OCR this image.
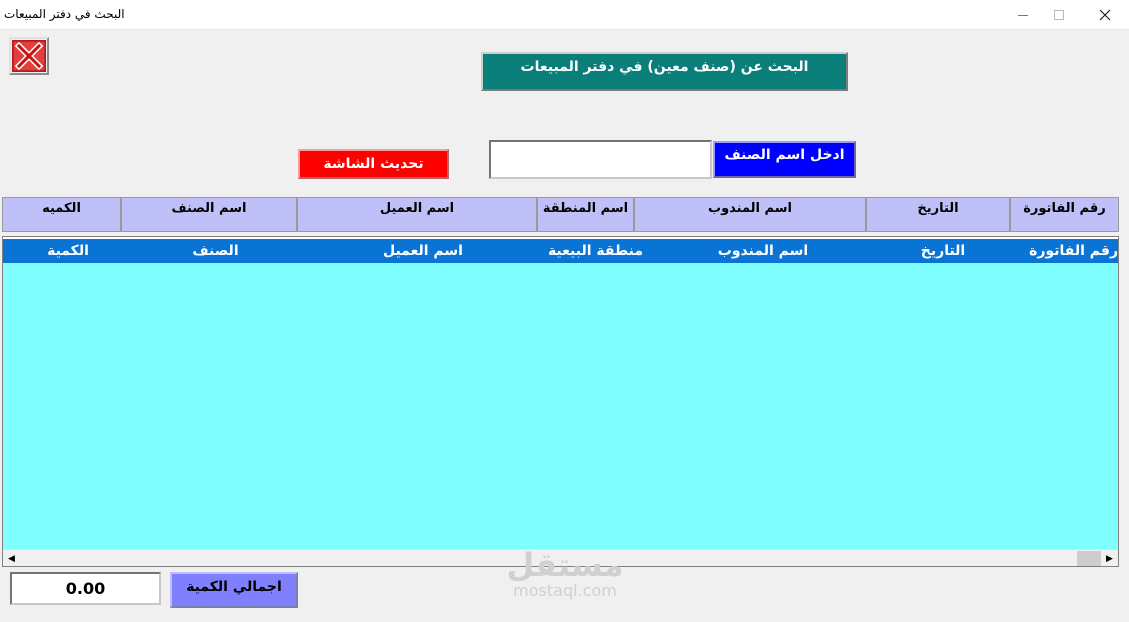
البحث في دفتر المبيعات
البحث عن (صنف معين) في دفتر المبيعات
ادخل اسم الصنف
تحديث الشاشة
رقم الفاتورة
التاريخ
اسم المندوب
اسم المنطقة
اسم العميل
اسم الصنف
الكميه
رقم الفاتورة
التاريخ
اسم المندوب
منطقة البيعية
اسم العميل
الصنف
الكمية
◀	▶
مستقل
mostaql.com
0.00	اجمالي الكمية
